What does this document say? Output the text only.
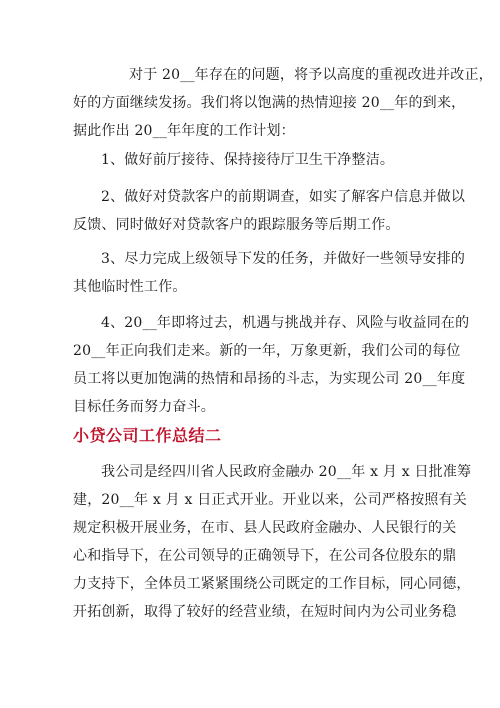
对于 20__年存在的问题，将予以高度的重视改进并改正，
好的方面继续发扬。我们将以饱满的热情迎接 20__年的到来，
据此作出 20__年年度的工作计划：

1、做好前厅接待、保持接待厅卫生干净整洁。

2、做好对贷款客户的前期调查，如实了解客户信息并做以
反馈、同时做好对贷款客户的跟踪服务等后期工作。

3、尽力完成上级领导下发的任务，并做好一些领导安排的
其他临时性工作。

4、20__年即将过去，机遇与挑战并存、风险与收益同在的
20__年正向我们走来。新的一年，万象更新，我们公司的每位
员工将以更加饱满的热情和昂扬的斗志，为实现公司 20__年度
目标任务而努力奋斗。

小贷公司工作总结二

我公司是经四川省人民政府金融办 20__年 x 月 x 日批准筹
建，20__年 x 月 x 日正式开业。开业以来，公司严格按照有关
规定积极开展业务，在市、县人民政府金融办、人民银行的关
心和指导下，在公司领导的正确领导下，在公司各位股东的鼎
力支持下，全体员工紧紧围绕公司既定的工作目标，同心同德，
开拓创新，取得了较好的经营业绩，在短时间内为公司业务稳
